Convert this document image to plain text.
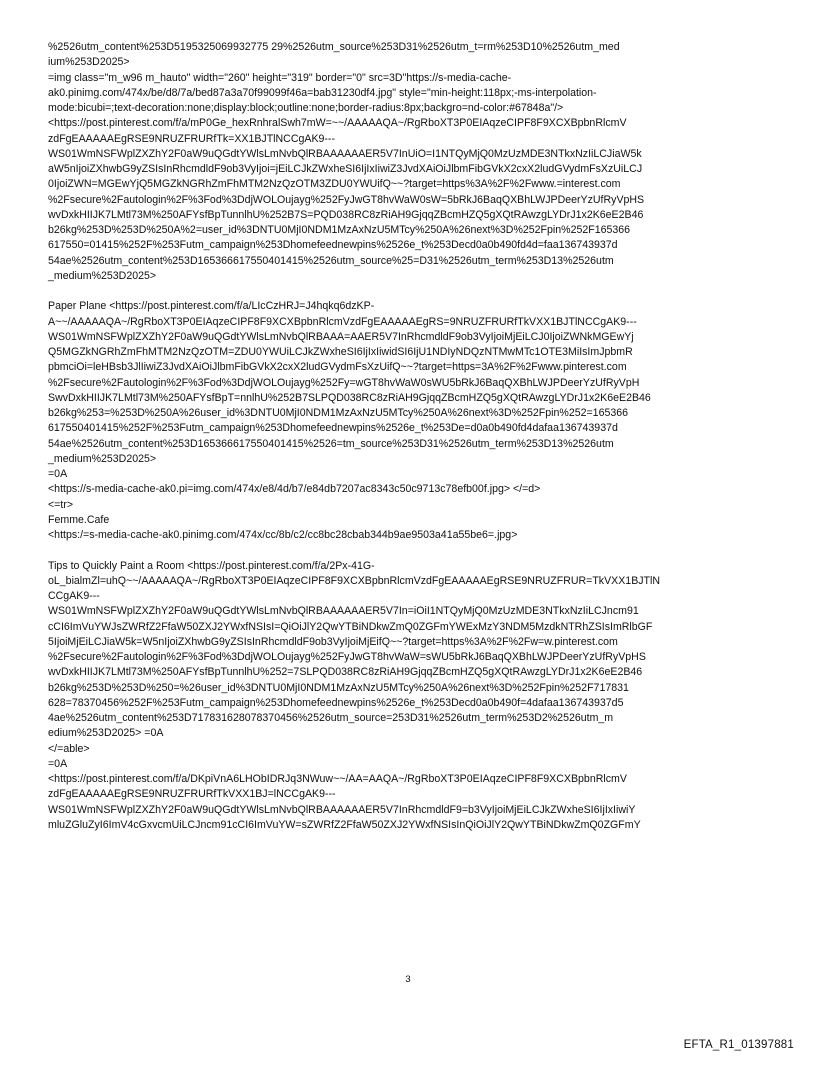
%2526utm_content%253D5195325069932775 29%2526utm_source%253D31%2526utm_t=rm%253D10%2526utm_med
ium%253D2025>
=img class="m_w96 m_hauto" width="260" height="319" border="0" src=3D"https://s-media-cache-
ak0.pinimg.com/474x/be/d8/7a/bed87a3a70f99099f46a=bab31230df4.jpg" style="min-height:118px;-ms-interpolation-
mode:bicubi=;text-decoration:none;display:block;outline:none;border-radius:8px;backgro=nd-color:#67848a"/>
<https://post.pinterest.com/f/a/mP0Ge_hexRnhralSwh7mW=~~/AAAAAQA~/RgRboXT3P0EIAqzeCIPF8F9XCXBpbnRlcmV
zdFgEAAAAAEgRSE9NRUZFRURfTk=XX1BJTlNCCgAK9---
WS01WmNSFWplZXZhY2F0aW9uQGdtYWlsLmNvbQlRBAAAAAAER5V7InUiO=I1NTQyMjQ0MzUzMDE3NTkxNzIiLCJiaW5k
aW5nIjoiZXhwbG9yZSIsInRhcmdldF9ob3VyIjoi=jEiLCJkZWxheSI6IjIxIiwiZ3JvdXAiOiJlbmFibGVkX2cxX2ludGVydmFsXzUiLCJ
0IjoiZWN=MGEwYjQ5MGZkNGRhZmFhMTM2NzQzOTM3ZDU0YWUifQ~~?target=https%3A%2F%2Fwww.=interest.com
%2Fsecure%2Fautologin%2F%3Fod%3DdjWOLOujayg%252FyJwGT8hvWaW0sW=5bRkJ6BaqQXBhLWJPDeerYzUfRyVpHS
wvDxkHIIJK7LMtl73M%250AFYsfBpTunnlhU%252B7S=PQD038RC8zRiAH9GjqqZBcmHZQ5gXQtRAwzgLYDrJ1x2K6eE2B46
b26kg%253D%253D%250A%2=user_id%3DNTU0MjI0NDM1MzAxNzU5MTcy%250A%26next%3D%252Fpin%252F165366
617550=01415%252F%253Futm_campaign%253Dhomefeednewpins%2526e_t%253Decd0a0b490fd4d=faa136743937d
54ae%2526utm_content%253D165366617550401415%2526utm_source%25=D31%2526utm_term%253D13%2526utm
_medium%253D2025>
Paper Plane <https://post.pinterest.com/f/a/LIcCzHRJ=J4hqkq6dzKP-
A~~/AAAAAQA~/RgRboXT3P0EIAqzeCIPF8F9XCXBpbnRlcmVzdFgEAAAAAEgRS=9NRUZFRURfTkVXX1BJTlNCCgAK9---
WS01WmNSFWplZXZhY2F0aW9uQGdtYWlsLmNvbQlRBAAA=AAER5V7InRhcmdldF9ob3VyIjoiMjEiLCJ0IjoiZWNkMGEwYj
Q5MGZkNGRhZmFhMTM2NzQzOTM=ZDU0YWUiLCJkZWxheSI6IjIxIiwidSI6IjU1NDIyNDQzNTMwMTc1OTE3MiIsImJpbmR
pbmciOi=leHBsb3JlIiwiZ3JvdXAiOiJlbmFibGVkX2cxX2ludGVydmFsXzUifQ~~?target=https=3A%2F%2Fwww.pinterest.com
%2Fsecure%2Fautologin%2F%3Fod%3DdjWOLOujayg%252Fy=wGT8hvWaW0sWU5bRkJ6BaqQXBhLWJPDeerYzUfRyVpH
SwvDxkHIIJK7LMtl73M%250AFYsfBpT=nnlhU%252B7SLPQD038RC8zRiAH9GjqqZBcmHZQ5gXQtRAwzgLYDrJ1x2K6eE2B46
b26kg%253=%253D%250A%26user_id%3DNTU0MjI0NDM1MzAxNzU5MTcy%250A%26next%3D%252Fpin%252=165366
617550401415%252F%253Futm_campaign%253Dhomefeednewpins%2526e_t%253De=d0a0b490fd4dafaa136743937d
54ae%2526utm_content%253D165366617550401415%2526=tm_source%253D31%2526utm_term%253D13%2526utm
_medium%253D2025>
=0A
<https://s-media-cache-ak0.pi=img.com/474x/e8/4d/b7/e84db7207ac8343c50c9713c78efb00f.jpg> </=d>
<=tr>
Femme.Cafe
<https:/=s-media-cache-ak0.pinimg.com/474x/cc/8b/c2/cc8bc28cbab344b9ae9503a41a55be6=.jpg>
Tips to Quickly Paint a Room <https://post.pinterest.com/f/a/2Px-41G-
oL_bialmZl=uhQ~~/AAAAAQA~/RgRboXT3P0EIAqzeCIPF8F9XCXBpbnRlcmVzdFgEAAAAAEgRSE9NRUZFRUR=TkVXX1BJTlN
CCgAK9---
WS01WmNSFWplZXZhY2F0aW9uQGdtYWlsLmNvbQlRBAAAAAAER5V7In=iOiI1NTQyMjQ0MzUzMDE3NTkxNzIiLCJncm91
cCI6ImVuYWJsZWRfZ2FfaW50ZXJ2YWxfNSIsI=QiOiJlY2QwYTBiNDkwZmQ0ZGFmYWExMzY3NDM5MzdkNTRhZSIsImRlbGF
5IjoiMjEiLCJiaW5k=W5nIjoiZXhwbG9yZSIsInRhcmdldF9ob3VyIjoiMjEifQ~~?target=https%3A%2F%2Fw=w.pinterest.com
%2Fsecure%2Fautologin%2F%3Fod%3DdjWOLOujayg%252FyJwGT8hvWaW=sWU5bRkJ6BaqQXBhLWJPDeerYzUfRyVpHS
wvDxkHIIJK7LMtl73M%250AFYsfBpTunnlhU%252=7SLPQD038RC8zRiAH9GjqqZBcmHZQ5gXQtRAwzgLYDrJ1x2K6eE2B46
b26kg%253D%253D%250=%26user_id%3DNTU0MjI0NDM1MzAxNzU5MTcy%250A%26next%3D%252Fpin%252F717831
628=78370456%252F%253Futm_campaign%253Dhomefeednewpins%2526e_t%253Decd0a0b490f=4dafaa136743937d5
4ae%2526utm_content%253D717831628078370456%2526utm_source=253D31%2526utm_term%253D2%2526utm_m
edium%253D2025> =0A
</=able>
=0A
<https://post.pinterest.com/f/a/DKpiVnA6LHObIDRJq3NWuw~~/AA=AAQA~/RgRboXT3P0EIAqzeCIPF8F9XCXBpbnRlcmV
zdFgEAAAAAEgRSE9NRUZFRURfTkVXX1BJ=lNCCgAK9---
WS01WmNSFWplZXZhY2F0aW9uQGdtYWlsLmNvbQlRBAAAAAAER5V7InRhcmdldF9=b3VyIjoiMjEiLCJkZWxheSI6IjIxIiwiY
mluZGluZyI6ImV4cGxvcmUiLCJncm91cCI6ImVuYW=sZWRfZ2FfaW50ZXJ2YWxfNSIsInQiOiJlY2QwYTBiNDkwZmQ0ZGFmY
3
EFTA_R1_01397881
